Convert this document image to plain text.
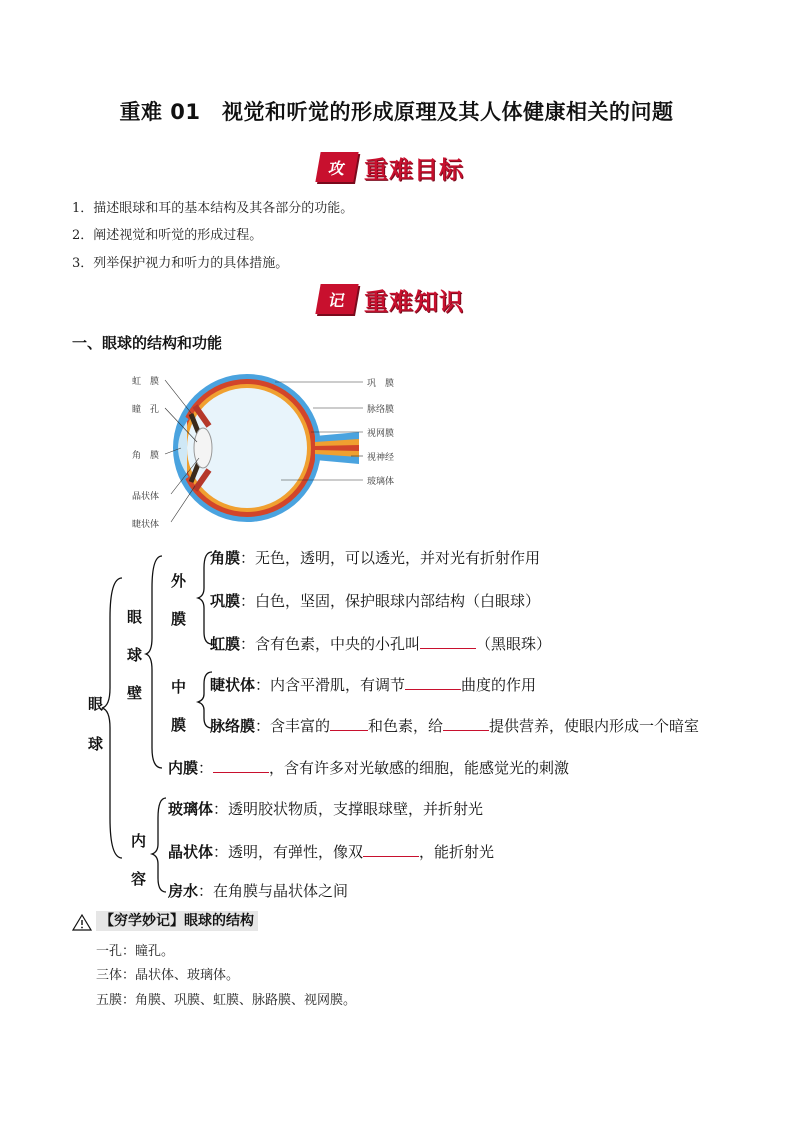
重难 01　视觉和听觉的形成原理及其人体健康相关的问题
攻 重难目标
1．描述眼球和耳的基本结构及其各部分的功能。
2．阐述视觉和听觉的形成过程。
3．列举保护视力和听力的具体措施。
记 重难知识
一、眼球的结构和功能
虹　膜
瞳　孔
角　膜
晶状体
睫状体
巩　膜
脉络膜
视网膜
视神经
玻璃体
眼
球
眼
球
壁
外
膜
中
膜
内
容
角膜：无色，透明，可以透光，并对光有折射作用
巩膜：白色，坚固，保护眼球内部结构（白眼球）
虹膜：含有色素，中央的小孔叫	（黑眼珠）
睫状体：内含平滑肌，有调节	曲度的作用
脉络膜：含丰富的	和色素，给	提供营养，使眼内形成一个暗室
内膜：	，含有许多对光敏感的细胞，能感觉光的刺激
玻璃体：透明胶状物质，支撑眼球壁，并折射光
晶状体：透明，有弹性，像双	，能折射光
房水：在角膜与晶状体之间
【穷学妙记】眼球的结构
一孔：瞳孔。
三体：晶状体、玻璃体。
五膜：角膜、巩膜、虹膜、脉路膜、视网膜。
